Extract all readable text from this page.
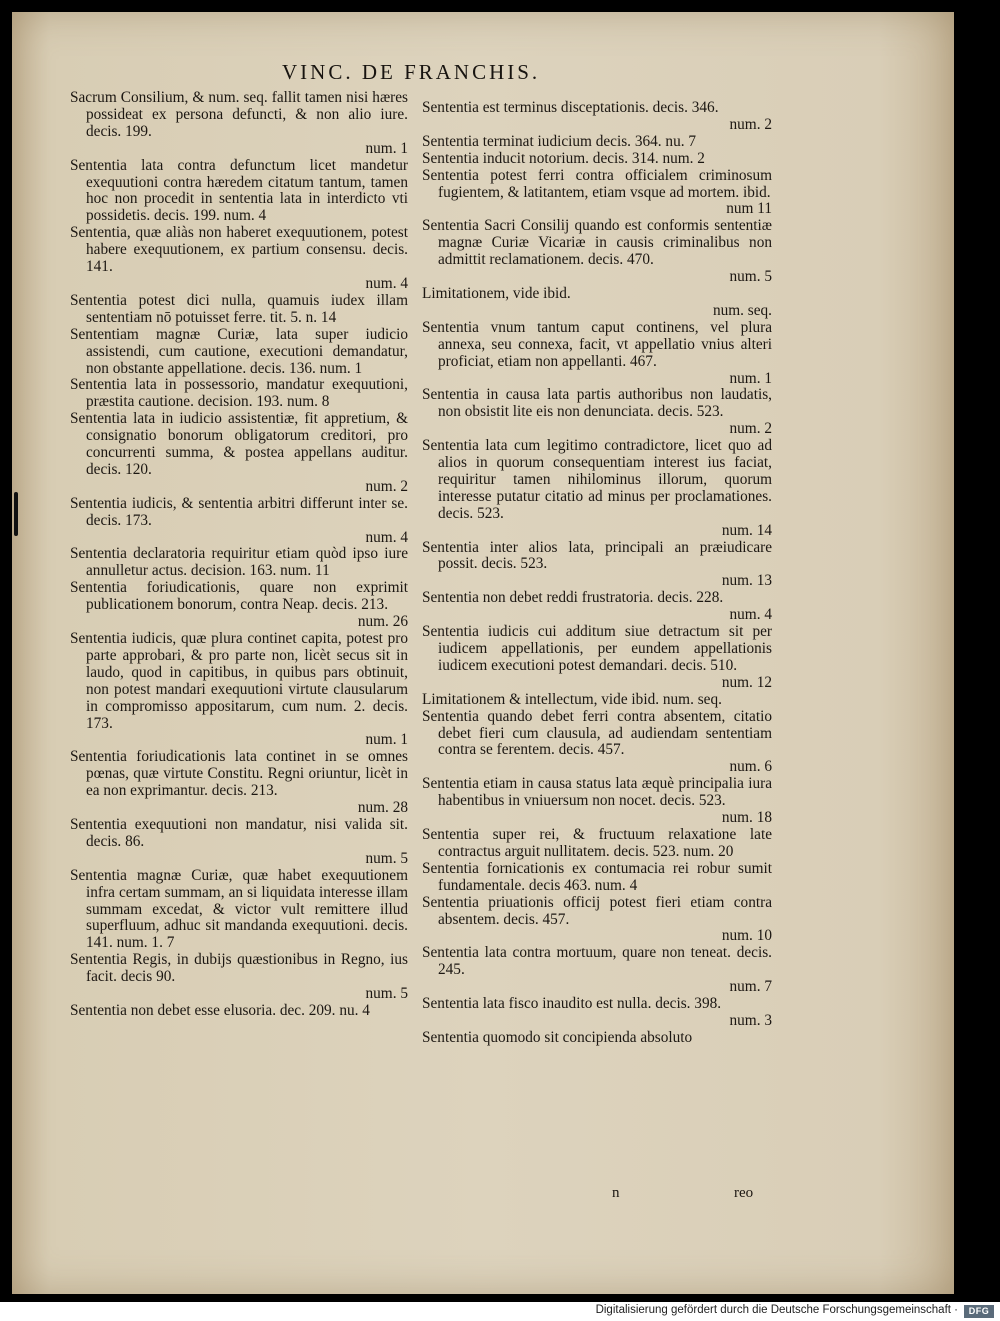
VINC. DE FRANCHIS.
Sacrum Consilium, & num. seq. fallit tamen nisi hæres possideat ex persona defuncti, & non alio iure. decis. 199.
num. 1
Sententia lata contra defunctum licet mandetur exequutioni contra hæredem citatum tantum, tamen hoc non procedit in sententia lata in interdicto vti possidetis. decis. 199. num. 4
Sententia, quæ aliàs non haberet exequutionem, potest habere exequutionem, ex partium consensu. decis. 141.
num. 4
Sententia potest dici nulla, quamuis iudex illam sententiam nō potuisset ferre. tit. 5. n. 14
Sententiam magnæ Curiæ, lata super iudicio assistendi, cum cautione, executioni demandatur, non obstante appellatione. decis. 136. num. 1
Sententia lata in possessorio, mandatur exequutioni, præstita cautione. decision. 193. num. 8
Sententia lata in iudicio assistentiæ, fit appretium, & consignatio bonorum obligatorum creditori, pro concurrenti summa, & postea appellans auditur. decis. 120.
num. 2
Sententia iudicis, & sententia arbitri differunt inter se. decis. 173.
num. 4
Sententia declaratoria requiritur etiam quòd ipso iure annulletur actus. decision. 163. num. 11
Sententia foriudicationis, quare non exprimit publicationem bonorum, contra Neap. decis. 213.
num. 26
Sententia iudicis, quæ plura continet capita, potest pro parte approbari, & pro parte non, licèt secus sit in laudo, quod in capitibus, in quibus pars obtinuit, non potest mandari exequutioni virtute clausularum in compromisso appositarum, cum num. 2. decis. 173.
num. 1
Sententia foriudicationis lata continet in se omnes pœnas, quæ virtute Constitu. Regni oriuntur, licèt in ea non exprimantur. decis. 213.
num. 28
Sententia exequutioni non mandatur, nisi valida sit. decis. 86.
num. 5
Sententia magnæ Curiæ, quæ habet exequutionem infra certam summam, an si liquidata interesse illam summam excedat, & victor vult remittere illud superfluum, adhuc sit mandanda exequutioni. decis. 141. num. 1. 7
Sententia Regis, in dubijs quæstionibus in Regno, ius facit. decis 90.
num. 5
Sententia non debet esse elusoria. dec. 209. nu. 4
Sententia est terminus disceptationis. decis. 346.
num. 2
Sententia terminat iudicium decis. 364. nu. 7
Sententia inducit notorium. decis. 314. num. 2
Sententia potest ferri contra officialem criminosum fugientem, & latitantem, etiam vsque ad mortem. ibid.
num 11
Sententia Sacri Consilij quando est conformis sententiæ magnæ Curiæ Vicariæ in causis criminalibus non admittit reclamationem. decis. 470.
num. 5
Limitationem, vide ibid.
num. seq.
Sententia vnum tantum caput continens, vel plura annexa, seu connexa, facit, vt appellatio vnius alteri proficiat, etiam non appellanti. 467.
num. 1
Sententia in causa lata partis authoribus non laudatis, non obsistit lite eis non denunciata. decis. 523.
num. 2
Sententia lata cum legitimo contradictore, licet quo ad alios in quorum consequentiam interest ius faciat, requiritur tamen nihilominus illorum, quorum interesse putatur citatio ad minus per proclamationes. decis. 523.
num. 14
Sententia inter alios lata, principali an præiudicare possit. decis. 523.
num. 13
Sententia non debet reddi frustratoria. decis. 228.
num. 4
Sententia iudicis cui additum siue detractum sit per iudicem appellationis, per eundem appellationis iudicem executioni potest demandari. decis. 510.
num. 12
Limitationem & intellectum, vide ibid. num. seq.
Sententia quando debet ferri contra absentem, citatio debet fieri cum clausula, ad audiendam sententiam contra se ferentem. decis. 457.
num. 6
Sententia etiam in causa status lata æquè principalia iura habentibus in vniuersum non nocet. decis. 523.
num. 18
Sententia super rei, & fructuum relaxatione late contractus arguit nullitatem. decis. 523. num. 20
Sententia fornicationis ex contumacia rei robur sumit fundamentale. decis 463. num. 4
Sententia priuationis officij potest fieri etiam contra absentem. decis. 457.
num. 10
Sententia lata contra mortuum, quare non teneat. decis. 245.
num. 7
Sententia lata fisco inaudito est nulla. decis. 398.
num. 3
Sententia quomodo sit concipienda absoluto
n	reo
Digitalisierung gefördert durch die Deutsche Forschungsgemeinschaft ·	DFG
